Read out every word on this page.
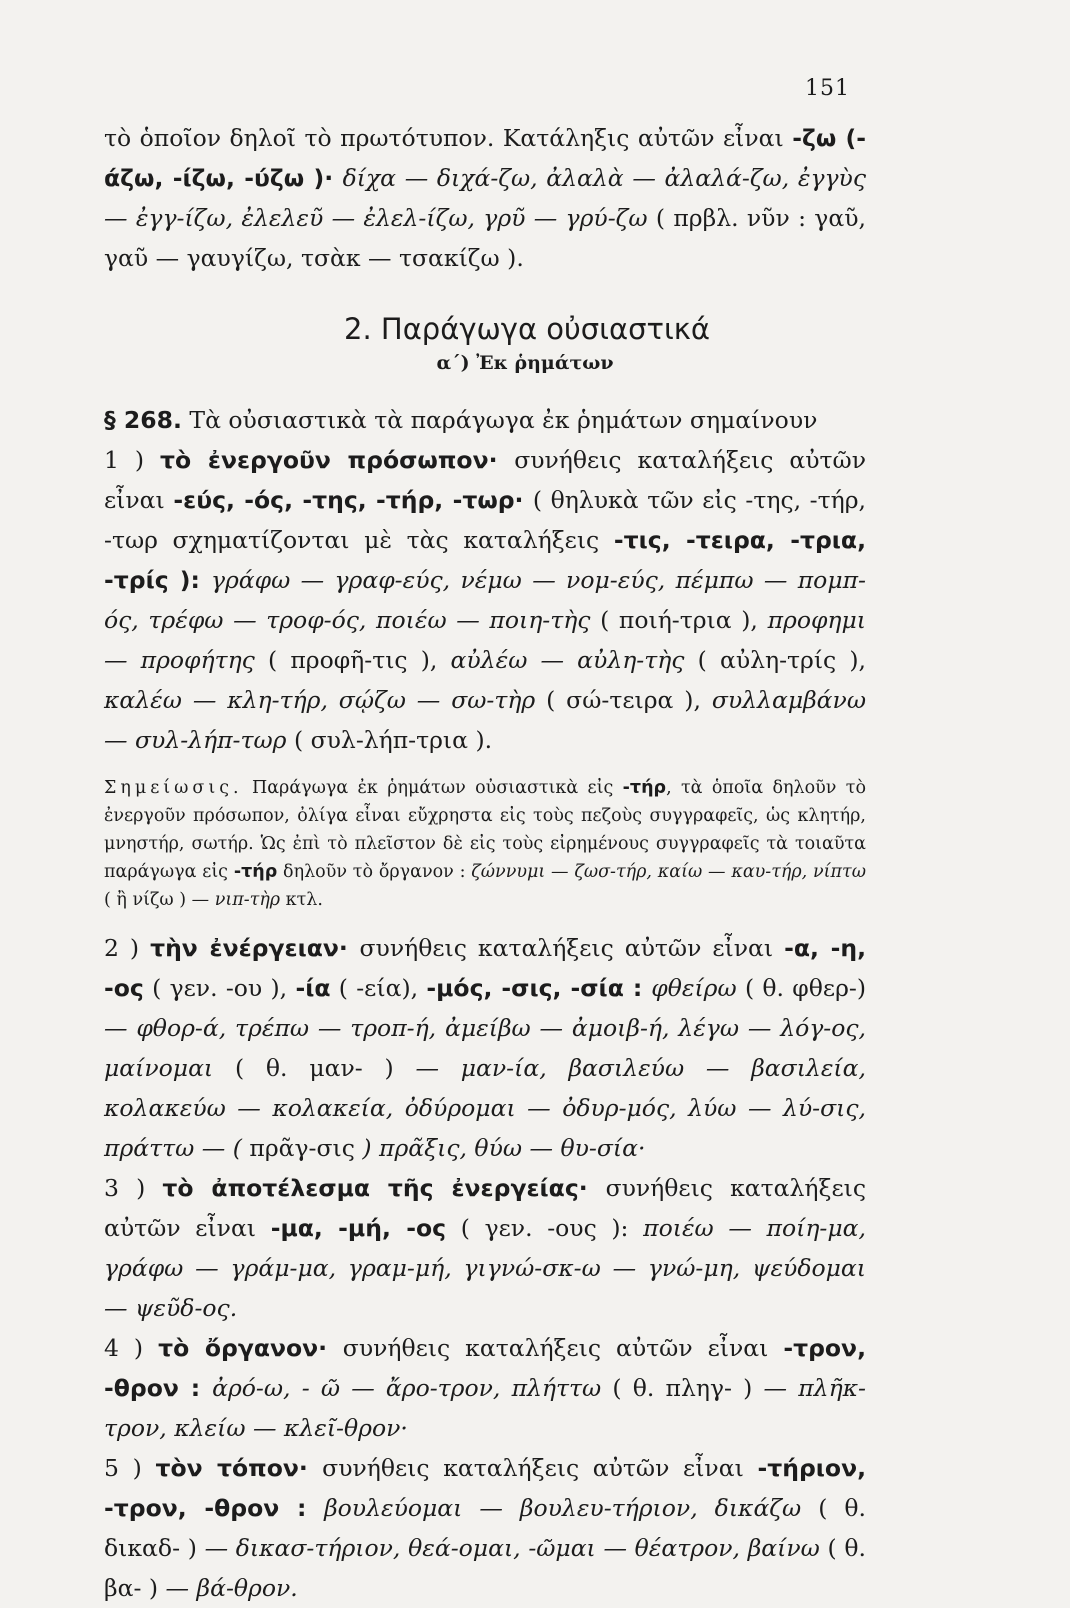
151

τὸ ὁποῖον δηλοῖ τὸ πρωτότυπον. Κατάληξις αὐτῶν εἶναι -ζω (-άζω, -ίζω, -ύζω )· δίχα — διχά-ζω, ἀλαλὰ — ἀλαλά-ζω, ἐγγὺς — ἐγγ-ίζω, ἐλελεῦ — ἐλελ-ίζω, γρῦ — γρύ-ζω ( πρβλ. νῦν : γαῦ, γαῦ — γαυγίζω, τσὰκ — τσακίζω ).

2. Παράγωγα οὐσιαστικά
α΄) Ἐκ ῥημάτων

§ 268. Τὰ οὐσιαστικὰ τὰ παράγωγα ἐκ ῥημάτων σημαίνουν

1 ) τὸ ἐνεργοῦν πρόσωπον· συνήθεις καταλήξεις αὐτῶν εἶναι -εύς, -ός, -της, -τήρ, -τωρ· ( θηλυκὰ τῶν εἰς -της, -τήρ, -τωρ σχηματίζονται μὲ τὰς καταλήξεις -τις, -τειρα, -τρια, -τρίς ): γράφω — γραφ-εύς, νέμω — νομ-εύς, πέμπω — πομπ-ός, τρέφω — τροφ-ός, ποιέω — ποιη-τὴς ( ποιή-τρια ), προφημι — προφήτης ( προφῆ-τις ), αὐλέω — αὐλη-τὴς ( αὐλη-τρίς ), καλέω — κλη-τήρ, σῴζω — σω-τὴρ ( σώ-τειρα ), συλλαμβάνω — συλ-λήπ-τωρ ( συλ-λήπ-τρια ).

Σημείωσις. Παράγωγα ἐκ ῥημάτων οὐσιαστικὰ εἰς -τήρ, τὰ ὁποῖα δηλοῦν τὸ ἐνεργοῦν πρόσωπον, ὀλίγα εἶναι εὔχρηστα εἰς τοὺς πεζοὺς συγγραφεῖς, ὡς κλητήρ, μνηστήρ, σωτήρ. Ὡς ἐπὶ τὸ πλεῖστον δὲ εἰς τοὺς εἰρημένους συγγραφεῖς τὰ τοιαῦτα παράγωγα εἰς -τήρ δηλοῦν τὸ ὄργανον : ζώννυμι — ζωσ-τήρ, καίω — καυ-τήρ, νίπτω ( ἢ νίζω ) — νιπ-τὴρ κτλ.

2 ) τὴν ἐνέργειαν· συνήθεις καταλήξεις αὐτῶν εἶναι -α, -η, -ος ( γεν. -ου ), -ία ( -εία), -μός, -σις, -σία : φθείρω ( θ. φθερ-)— φθορ-ά, τρέπω — τροπ-ή, ἀμείβω — ἀμοιβ-ή, λέγω — λόγ-ος, μαίνομαι ( θ. μαν- ) — μαν-ία, βασιλεύω — βασιλεία, κολακεύω — κολακεία, ὀδύρομαι — ὀδυρ-μός, λύω — λύ-σις, πράττω — ( πρᾶγ-σις ) πρᾶξις, θύω — θυ-σία·

3 ) τὸ ἀποτέλεσμα τῆς ἐνεργείας· συνήθεις καταλήξεις αὐτῶν εἶναι -μα, -μή, -ος ( γεν. -ους ): ποιέω — ποίη-μα, γράφω — γράμ-μα, γραμ-μή, γιγνώ-σκ-ω — γνώ-μη, ψεύδομαι — ψεῦδ-ος.

4 ) τὸ ὄργανον· συνήθεις καταλήξεις αὐτῶν εἶναι -τρον, -θρον : ἀρό-ω, - ῶ — ἄρο-τρον, πλήττω ( θ. πληγ- ) — πλῆκ-τρον, κλείω — κλεῖ-θρον·

5 ) τὸν τόπον· συνήθεις καταλήξεις αὐτῶν εἶναι -τήριον, -τρον, -θρον : βουλεύομαι — βουλευ-τήριον, δικάζω ( θ. δικαδ- ) — δικασ-τήριον, θεά-ομαι, -ῶμαι — θέατρον, βαίνω ( θ. βα- ) — βά-θρον.
